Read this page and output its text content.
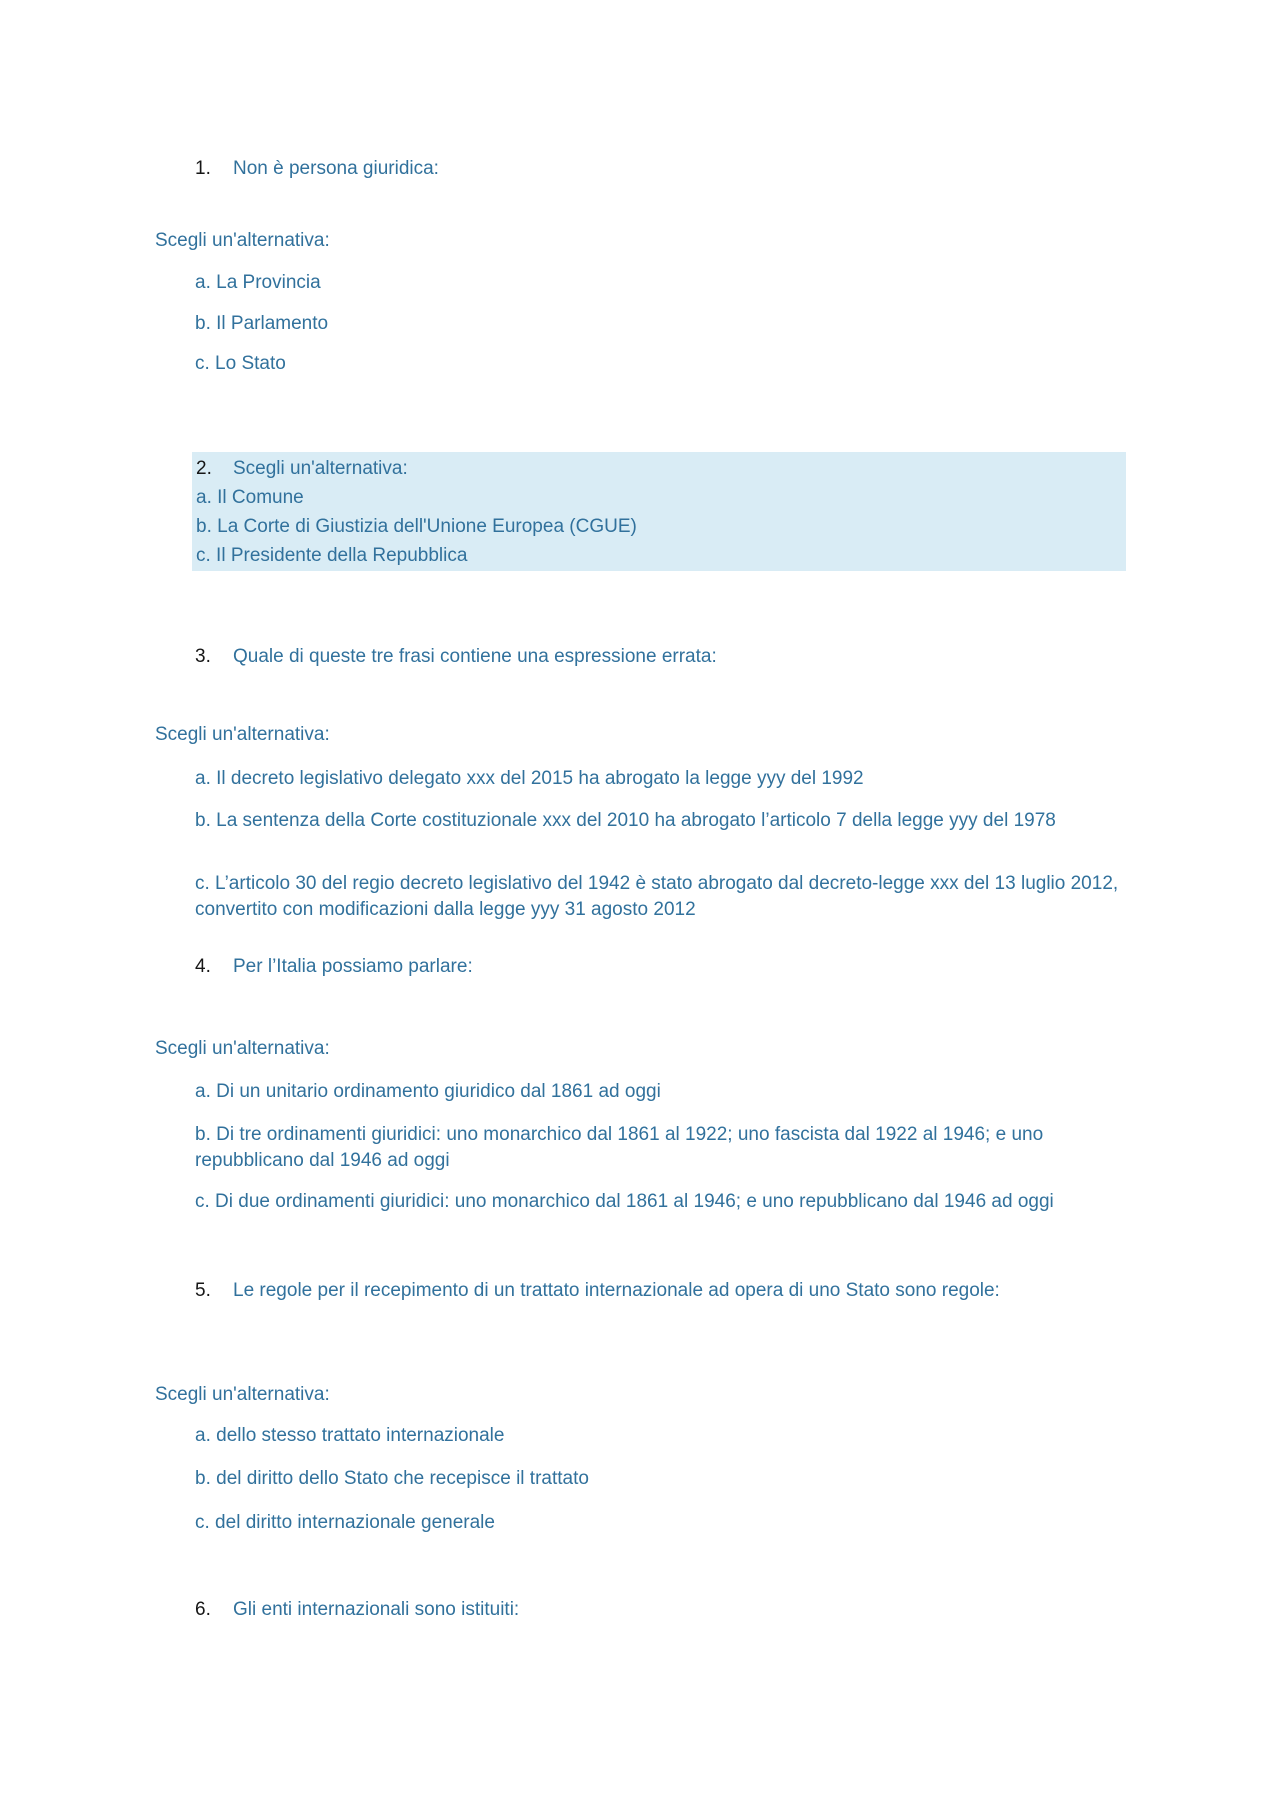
1. Non è persona giuridica:
Scegli un'alternativa:
a. La Provincia
b. Il Parlamento
c. Lo Stato
2. Scegli un'alternativa:
a. Il Comune
b. La Corte di Giustizia dell'Unione Europea (CGUE)
c. Il Presidente della Repubblica
3. Quale di queste tre frasi contiene una espressione errata:
Scegli un'alternativa:
a. Il decreto legislativo delegato xxx del 2015 ha abrogato la legge yyy del 1992
b. La sentenza della Corte costituzionale xxx del 2010 ha abrogato l’articolo 7 della legge yyy del 1978
c. L’articolo 30 del regio decreto legislativo del 1942 è stato abrogato dal decreto-legge xxx del 13 luglio 2012, convertito con modificazioni dalla legge yyy 31 agosto 2012
4. Per l’Italia possiamo parlare:
Scegli un'alternativa:
a. Di un unitario ordinamento giuridico dal 1861 ad oggi
b. Di tre ordinamenti giuridici: uno monarchico dal 1861 al 1922; uno fascista dal 1922 al 1946; e uno repubblicano dal 1946 ad oggi
c. Di due ordinamenti giuridici: uno monarchico dal 1861 al 1946; e uno repubblicano dal 1946 ad oggi
5. Le regole per il recepimento di un trattato internazionale ad opera di uno Stato sono regole:
Scegli un'alternativa:
a. dello stesso trattato internazionale
b. del diritto dello Stato che recepisce il trattato
c. del diritto internazionale generale
6. Gli enti internazionali sono istituiti:
